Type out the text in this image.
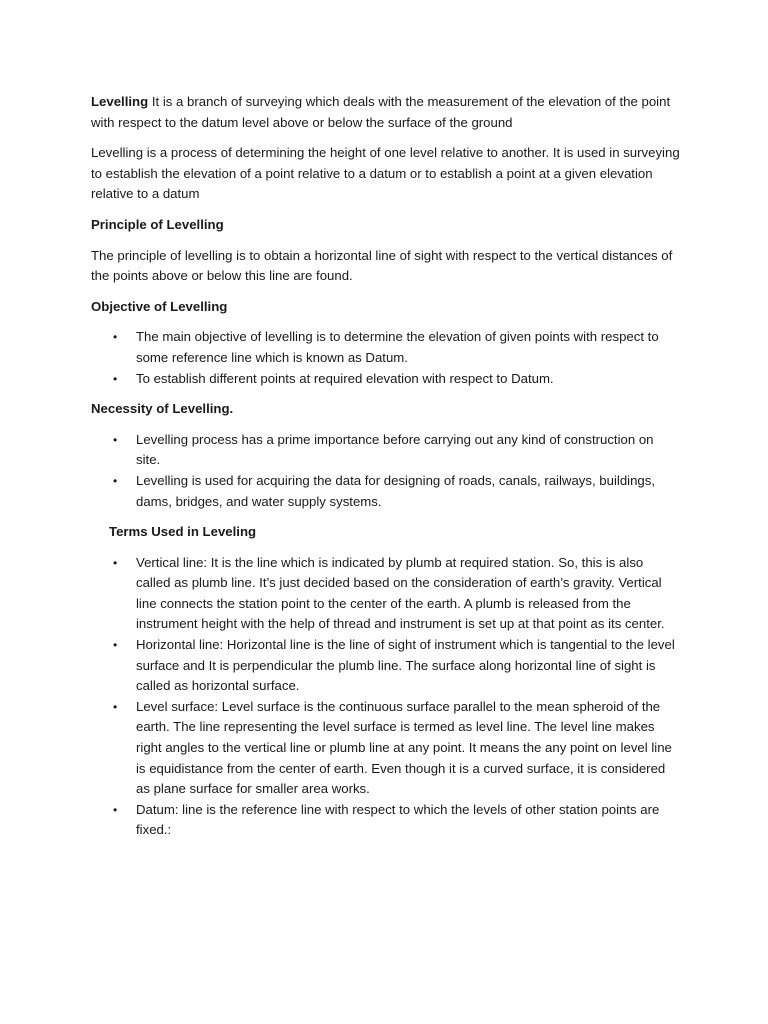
Levelling It is a branch of surveying which deals with the measurement of the elevation of the point with respect to the datum level above or below the surface of the ground

Levelling is a process of determining the height of one level relative to another. It is used in surveying to establish the elevation of a point relative to a datum or to establish a point at a given elevation relative to a datum

Principle of Levelling

The principle of levelling is to obtain a horizontal line of sight with respect to the vertical distances of the points above or below this line are found.

Objective of Levelling
• The main objective of levelling is to determine the elevation of given points with respect to some reference line which is known as Datum.
• To establish different points at required elevation with respect to Datum.
Necessity of Levelling.
• Levelling process has a prime importance before carrying out any kind of construction on site.
• Levelling is used for acquiring the data for designing of roads, canals, railways, buildings, dams, bridges, and water supply systems.
Terms Used in Leveling
• Vertical line: It is the line which is indicated by plumb at required station. So, this is also called as plumb line. It’s just decided based on the consideration of earth’s gravity. Vertical line connects the station point to the center of the earth. A plumb is released from the instrument height with the help of thread and instrument is set up at that point as its center.
• Horizontal line: Horizontal line is the line of sight of instrument which is tangential to the level surface and It is perpendicular the plumb line. The surface along horizontal line of sight is called as horizontal surface.
• Level surface: Level surface is the continuous surface parallel to the mean spheroid of the earth. The line representing the level surface is termed as level line. The level line makes right angles to the vertical line or plumb line at any point. It means the any point on level line is equidistance from the center of earth. Even though it is a curved surface, it is considered as plane surface for smaller area works.
• Datum: line is the reference line with respect to which the levels of other station points are fixed.:
